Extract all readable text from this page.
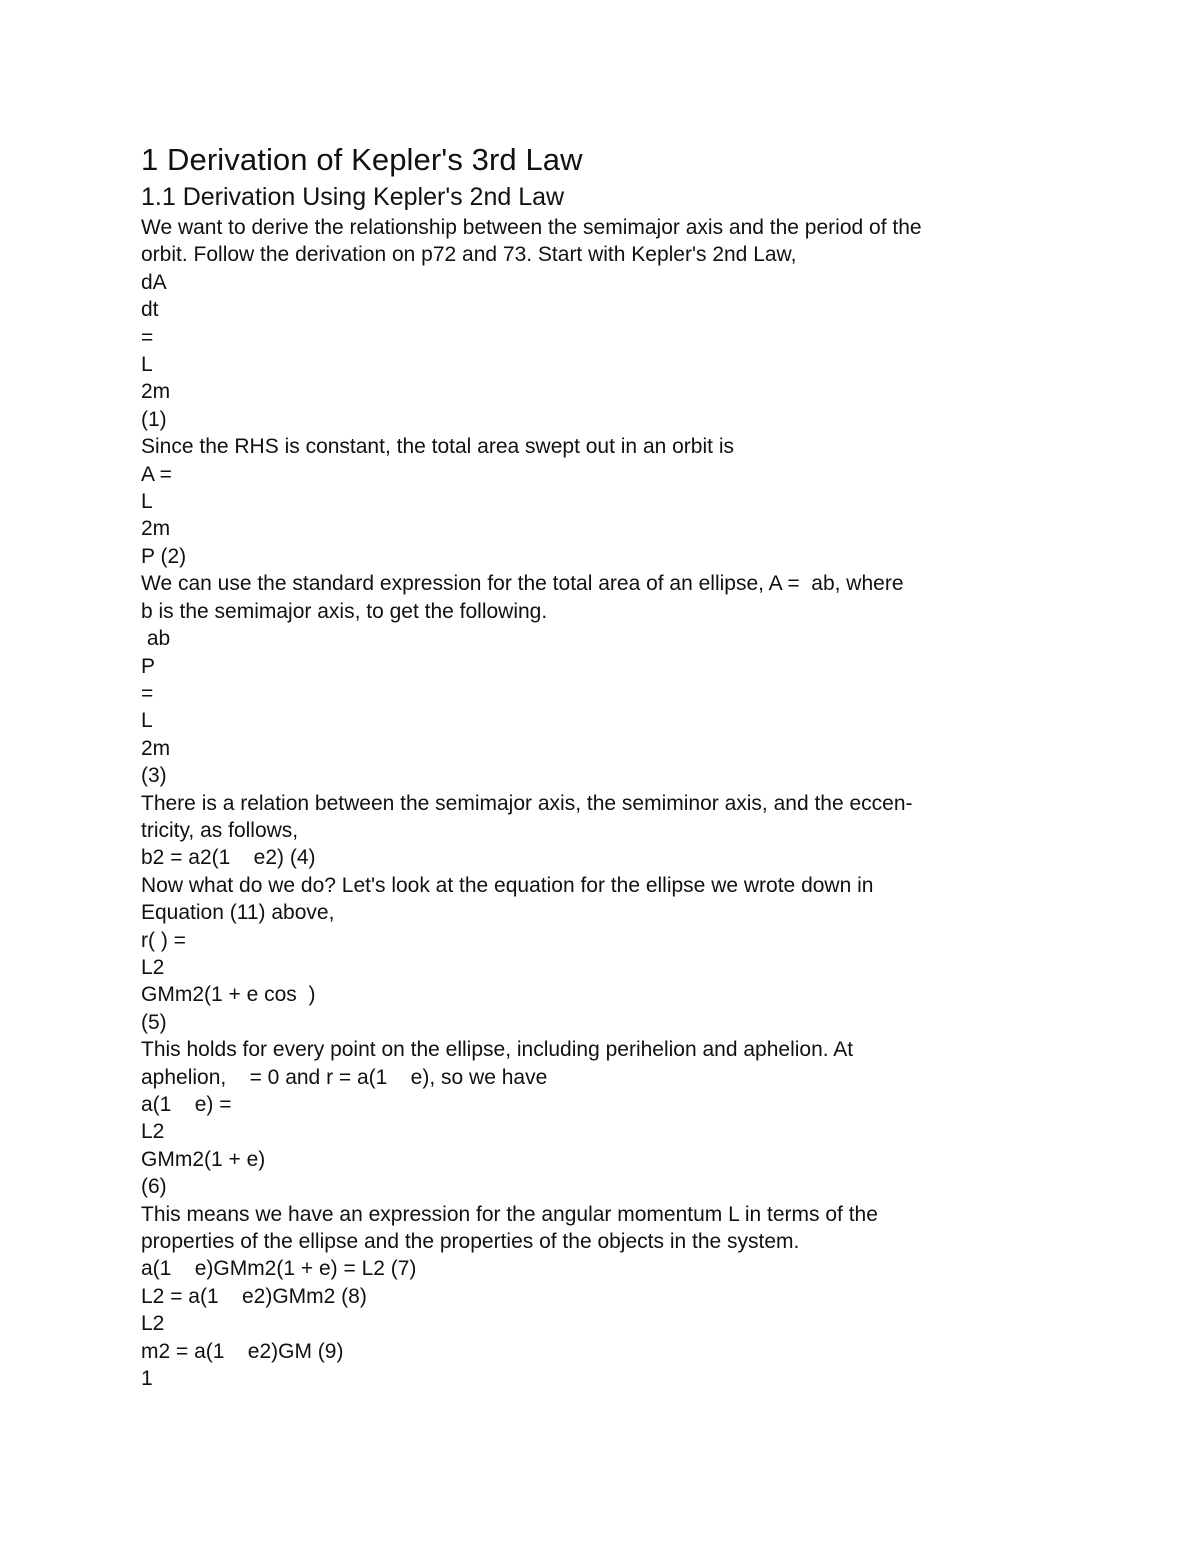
1 Derivation of Kepler's 3rd Law
1.1 Derivation Using Kepler's 2nd Law

We want to derive the relationship between the semimajor axis and the period of the

orbit. Follow the derivation on p72 and 73. Start with Kepler's 2nd Law,

dA

dt

=

L

2m

(1)

Since the RHS is constant, the total area swept out in an orbit is

A =

L

2m

P (2)

We can use the standard expression for the total area of an ellipse, A =  ab, where

b is the semimajor axis, to get the following.

ab

P

=

L

2m

(3)

There is a relation between the semimajor axis, the semiminor axis, and the eccen-

tricity, as follows,

b2 = a2(1    e2) (4)

Now what do we do? Let's look at the equation for the ellipse we wrote down in

Equation (11) above,

r( ) =

L2

GMm2(1 + e cos  )

(5)

This holds for every point on the ellipse, including perihelion and aphelion. At

aphelion,    = 0 and r = a(1    e), so we have

a(1    e) =

L2

GMm2(1 + e)

(6)

This means we have an expression for the angular momentum L in terms of the

properties of the ellipse and the properties of the objects in the system.

a(1    e)GMm2(1 + e) = L2 (7)

L2 = a(1    e2)GMm2 (8)

L2

m2 = a(1    e2)GM (9)

1
